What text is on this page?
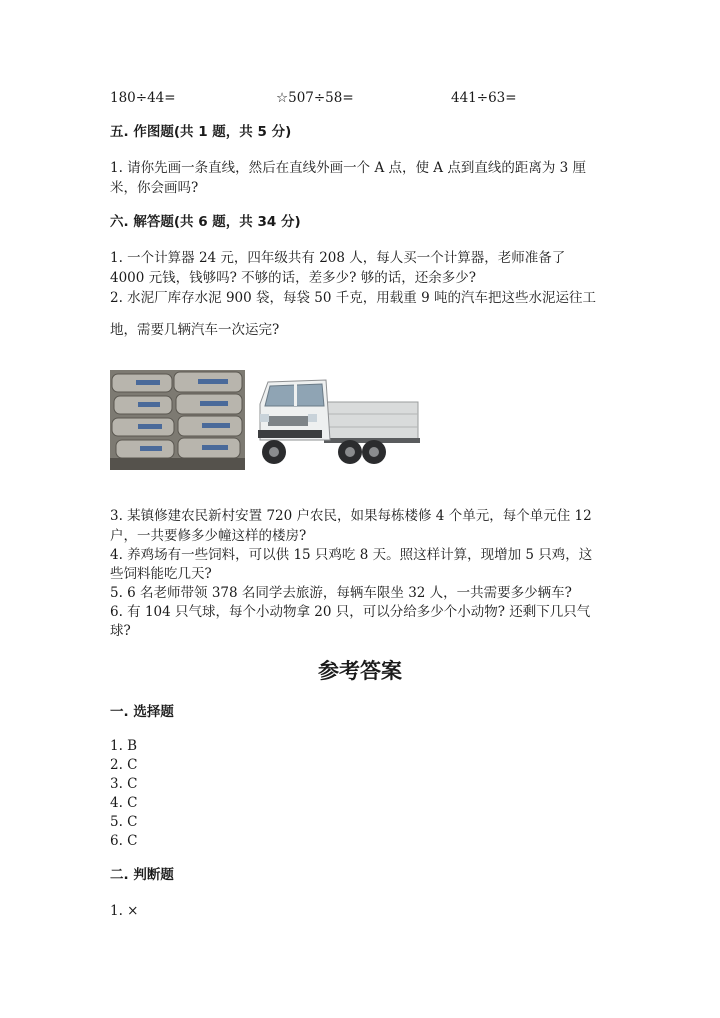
180÷44=	☆507÷58=	441÷63=
五. 作图题(共 1 题，共 5 分)
1. 请你先画一条直线，然后在直线外画一个 A 点，使 A 点到直线的距离为 3 厘
米，你会画吗?
六. 解答题(共 6 题，共 34 分)
1. 一个计算器 24 元，四年级共有 208 人，每人买一个计算器，老师准备了
4000 元钱，钱够吗? 不够的话，差多少? 够的话，还余多少?
2. 水泥厂库存水泥 900 袋，每袋 50 千克，用载重 9 吨的汽车把这些水泥运往工
地，需要几辆汽车一次运完?
3. 某镇修建农民新村安置 720 户农民，如果每栋楼修 4 个单元，每个单元住 12
户，一共要修多少幢这样的楼房?
4. 养鸡场有一些饲料，可以供 15 只鸡吃 8 天。照这样计算，现增加 5 只鸡，这
些饲料能吃几天?
5. 6 名老师带领 378 名同学去旅游，每辆车限坐 32 人，一共需要多少辆车?
6. 有 104 只气球，每个小动物拿 20 只，可以分给多少个小动物? 还剩下几只气
球?
参考答案
一. 选择题
1. B
2. C
3. C
4. C
5. C
6. C
二. 判断题
1. ×
